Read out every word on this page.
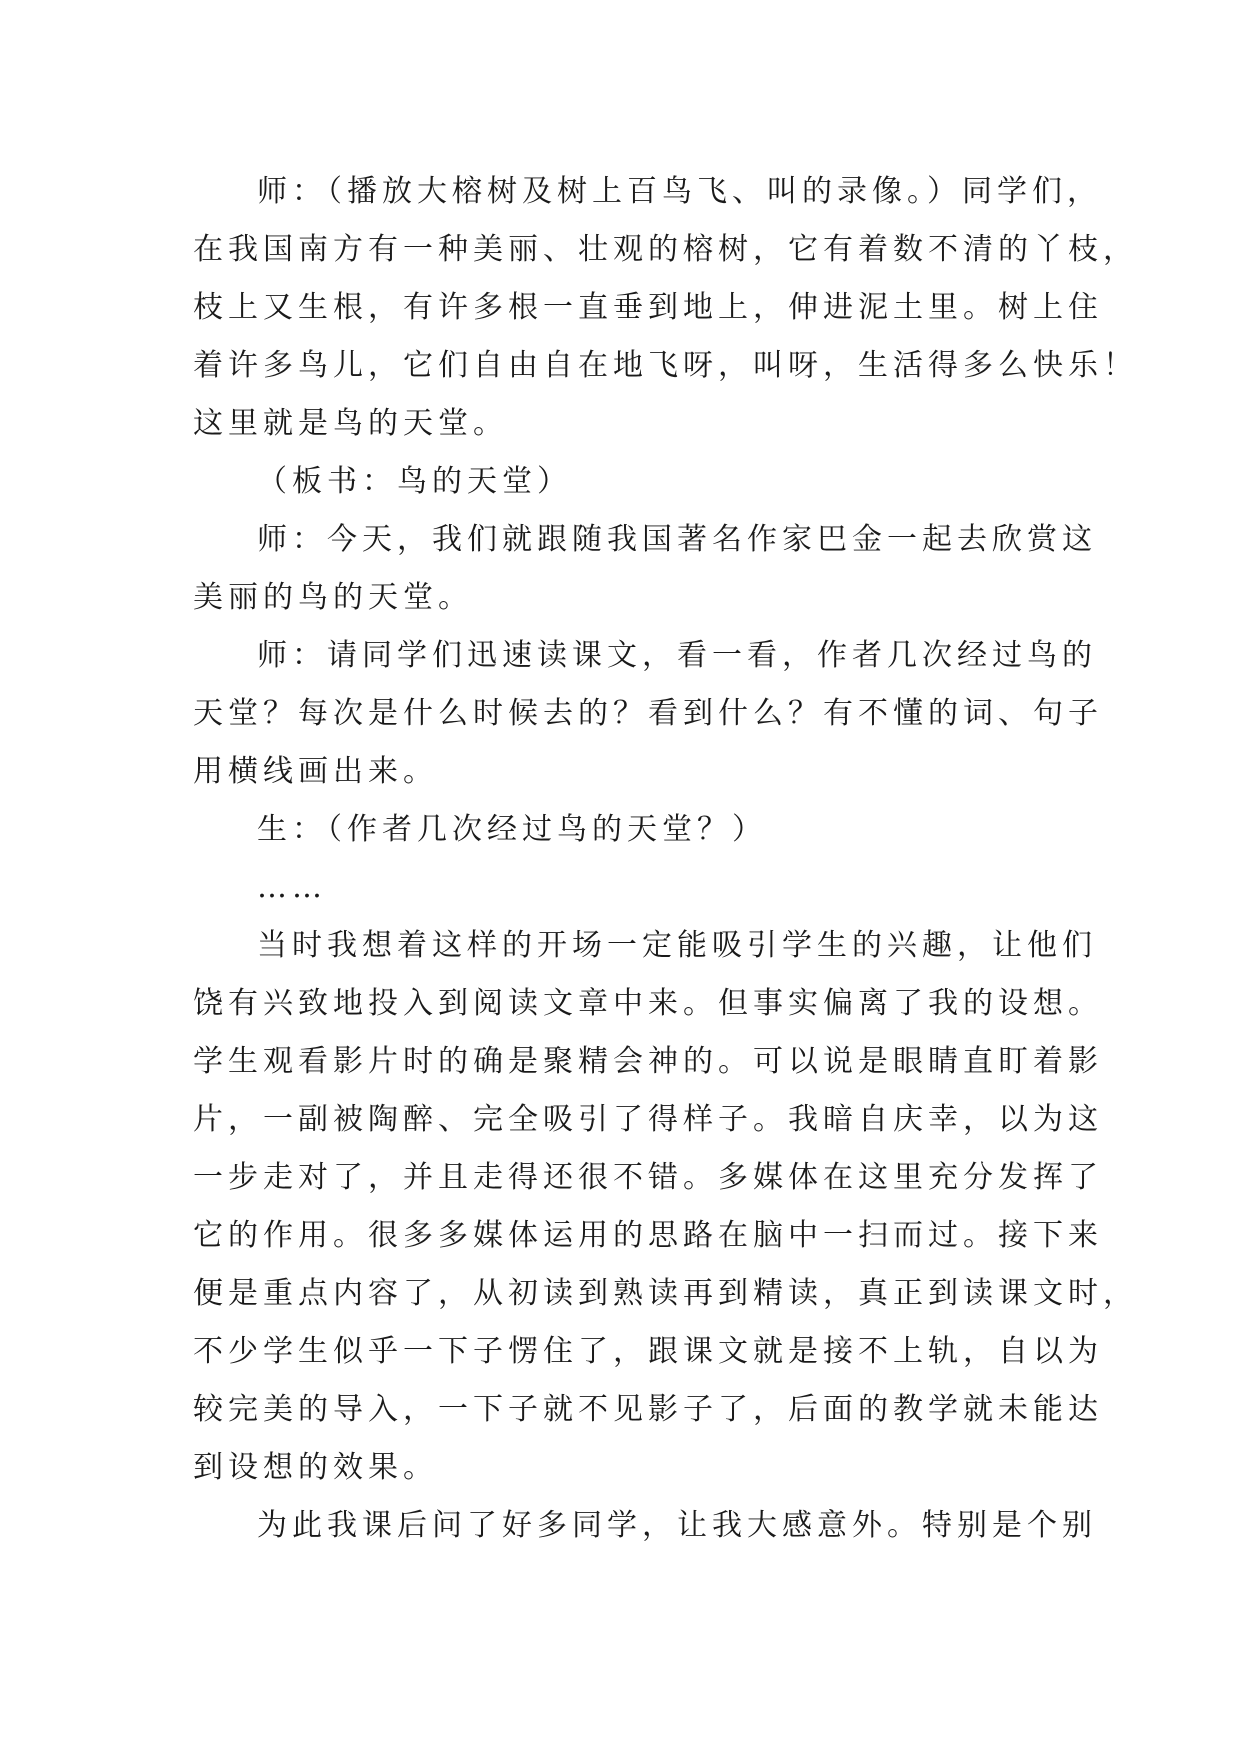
师：（播放大榕树及树上百鸟飞、叫的录像。）同学们，
在我国南方有一种美丽、壮观的榕树，它有着数不清的丫枝，
枝上又生根，有许多根一直垂到地上，伸进泥土里。树上住
着许多鸟儿，它们自由自在地飞呀，叫呀，生活得多么快乐！
这里就是鸟的天堂。
（板书：鸟的天堂）
师：今天，我们就跟随我国著名作家巴金一起去欣赏这
美丽的鸟的天堂。
师：请同学们迅速读课文，看一看，作者几次经过鸟的
天堂？每次是什么时候去的？看到什么？有不懂的词、句子
用横线画出来。
生：（作者几次经过鸟的天堂？）
……
当时我想着这样的开场一定能吸引学生的兴趣，让他们
饶有兴致地投入到阅读文章中来。但事实偏离了我的设想。
学生观看影片时的确是聚精会神的。可以说是眼睛直盯着影
片，一副被陶醉、完全吸引了得样子。我暗自庆幸，以为这
一步走对了，并且走得还很不错。多媒体在这里充分发挥了
它的作用。很多多媒体运用的思路在脑中一扫而过。接下来
便是重点内容了，从初读到熟读再到精读，真正到读课文时，
不少学生似乎一下子愣住了，跟课文就是接不上轨，自以为
较完美的导入，一下子就不见影子了，后面的教学就未能达
到设想的效果。
为此我课后问了好多同学，让我大感意外。特别是个别
